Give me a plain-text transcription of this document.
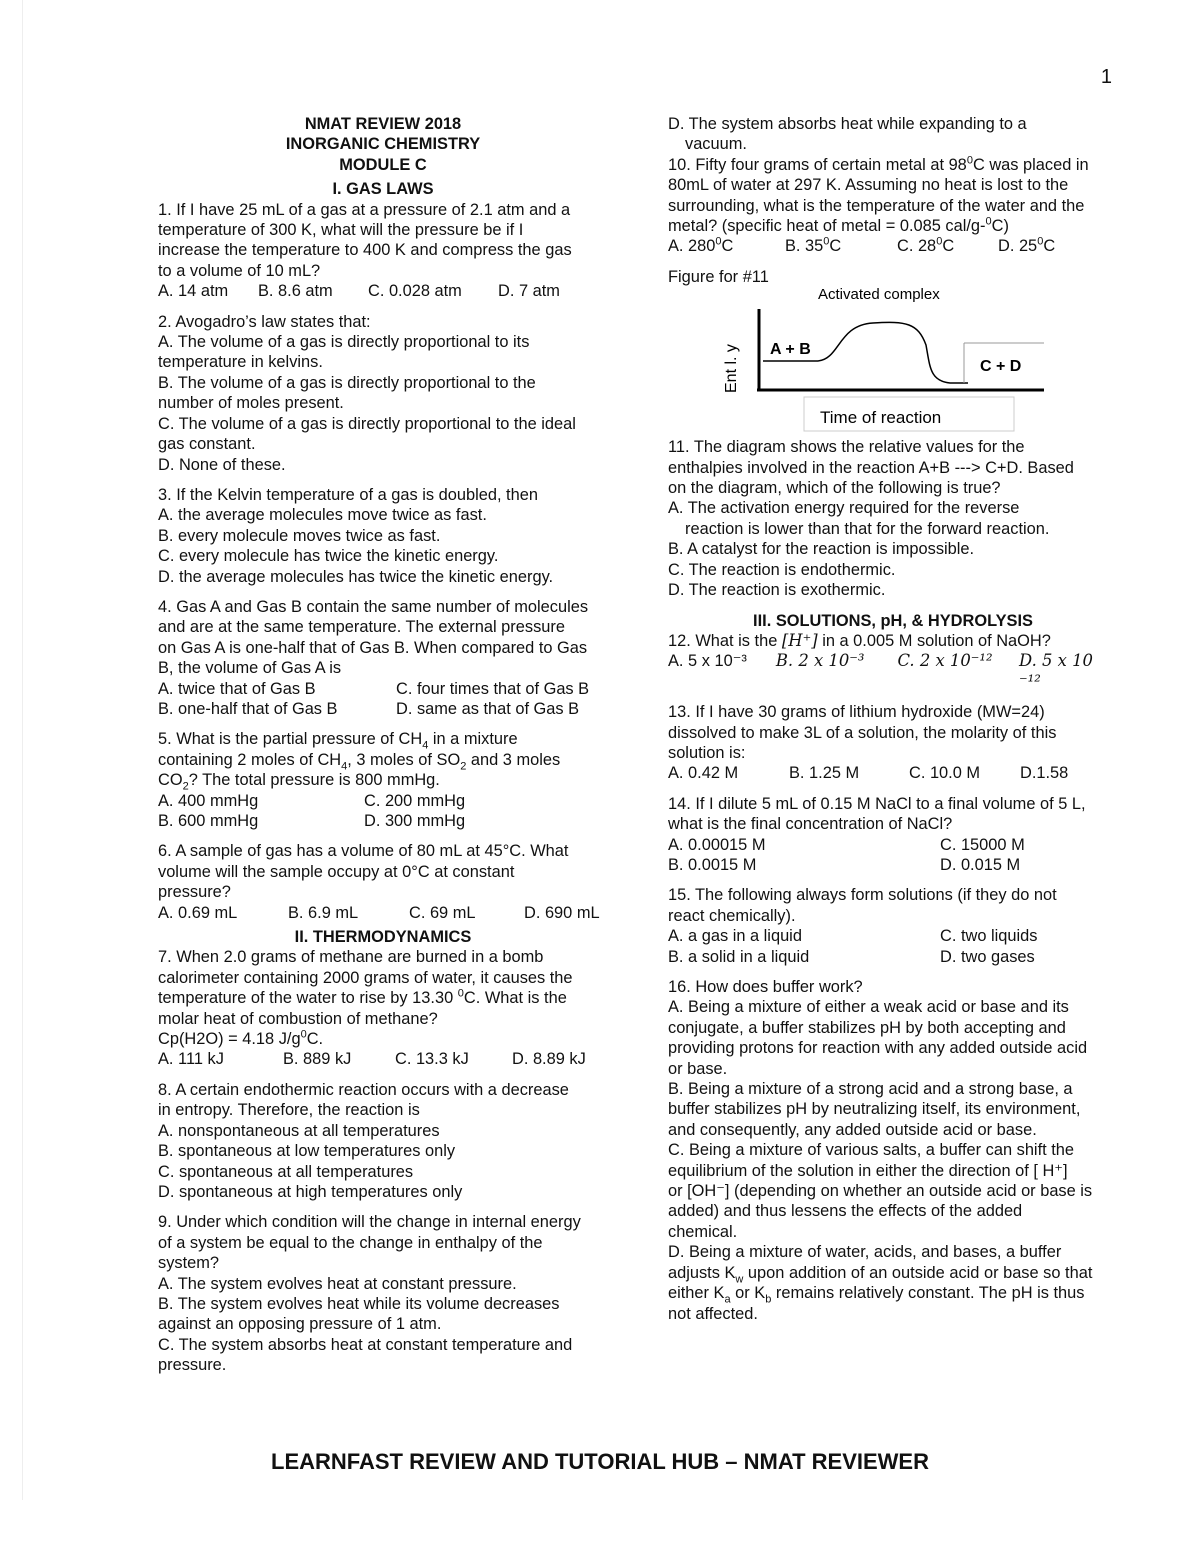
1
NMAT REVIEW 2018
INORGANIC CHEMISTRY
MODULE C
I. GAS LAWS
1. If I have 25 mL of a gas at a pressure of 2.1 atm and a
temperature of 300 K, what will the pressure be if I
increase the temperature to 400 K and compress the gas
to a volume of 10 mL?
A. 14 atm	B. 8.6 atm	C. 0.028 atm	D. 7 atm
2. Avogadro’s law states that:
A. The volume of a gas is directly proportional to its
temperature in kelvins.
B. The volume of a gas is directly proportional to the
number of moles present.
C. The volume of a gas is directly proportional to the ideal
gas constant.
D. None of these.
3. If the Kelvin temperature of a gas is doubled, then
A. the average molecules move twice as fast.
B. every molecule moves twice as fast.
C. every molecule has twice the kinetic energy.
D. the average molecules has twice the kinetic energy.
4. Gas A and Gas B contain the same number of molecules
and are at the same temperature. The external pressure
on Gas A is one-half that of Gas B. When compared to Gas
B, the volume of Gas A is
A. twice that of Gas B	C. four times that of Gas B
B. one-half that of Gas B	D. same as that of Gas B
5. What is the partial pressure of $CH_4$ in a mixture
containing 2 moles of $CH_4$, 3 moles of $SO_2$ and 3 moles
$CO_2$? The total pressure is 800 mmHg.
A. 400 mmHg	C. 200 mmHg
B. 600 mmHg	D. 300 mmHg
6. A sample of gas has a volume of 80 mL at 45°C. What
volume will the sample occupy at 0°C at constant
pressure?
A. 0.69 mL	B. 6.9 mL	C. 69 mL	D. 690 mL
II. THERMODYNAMICS
7. When 2.0 grams of methane are burned in a bomb
calorimeter containing 2000 grams of water, it causes the
temperature of the water to rise by 13.30 $^0$C. What is the
molar heat of combustion of methane?
Cp(H2O) = 4.18 $J/g^0C$.
A. 111 kJ	B. 889 kJ	C. 13.3 kJ	D. 8.89 kJ
8. A certain endothermic reaction occurs with a decrease
in entropy. Therefore, the reaction is
A. nonspontaneous at all temperatures
B. spontaneous at low temperatures only
C. spontaneous at all temperatures
D. spontaneous at high temperatures only
9. Under which condition will the change in internal energy
of a system be equal to the change in enthalpy of the
system?
A. The system evolves heat at constant pressure.
B. The system evolves heat while its volume decreases
against an opposing pressure of 1 atm.
C. The system absorbs heat at constant temperature and
pressure.
D. The system absorbs heat while expanding to a
vacuum.
10. Fifty four grams of certain metal at $98^0C$ was placed in
80mL of water at 297 K. Assuming no heat is lost to the
surrounding, what is the temperature of the water and the
metal? (specific heat of metal = 0.085 cal/g-$^0$C)
A. $280^0C$	B. $35^0C$	C. $28^0C$	D. $25^0C$
Figure for #11
Activated complex
Ent l. y A + B
C + D
Time of reaction
11. The diagram shows the relative values for the
enthalpies involved in the reaction A+B ---> C+D. Based
on the diagram, which of the following is true?
A. The activation energy required for the reverse
reaction is lower than that for the forward reaction.
B. A catalyst for the reaction is impossible.
C. The reaction is endothermic.
D. The reaction is exothermic.
III. SOLUTIONS, pH, & HYDROLYSIS
12. What is the [H⁺] in a 0.005 M solution of NaOH?
A. 5 x 10⁻³	B. 2 x 10⁻³	C. 2 x 10⁻¹²	D. 5 x 10 ⁻¹²
13. If I have 30 grams of lithium hydroxide (MW=24)
dissolved to make 3L of a solution, the molarity of this
solution is:
A. 0.42 M	B. 1.25 M	C. 10.0 M	D.1.58
14. If I dilute 5 mL of 0.15 M NaCl to a final volume of 5 L,
what is the final concentration of NaCl?
A. 0.00015 M	C. 15000 M
B. 0.0015 M	D. 0.015 M
15. The following always form solutions (if they do not
react chemically).
A. a gas in a liquid	C. two liquids
B. a solid in a liquid	D. two gases
16. How does buffer work?
A. Being a mixture of either a weak acid or base and its
conjugate, a buffer stabilizes pH by both accepting and
providing protons for reaction with any added outside acid
or base.
B. Being a mixture of a strong acid and a strong base, a
buffer stabilizes pH by neutralizing itself, its environment,
and consequently, any added outside acid or base.
C. Being a mixture of various salts, a buffer can shift the
equilibrium of the solution in either the direction of [ H⁺]
or [OH⁻] (depending on whether an outside acid or base is
added) and thus lessens the effects of the added
chemical.
D. Being a mixture of water, acids, and bases, a buffer
adjusts $K_w$ upon addition of an outside acid or base so that
either $K_a$ or $K_b$ remains relatively constant. The pH is thus
not affected.
LEARNFAST REVIEW AND TUTORIAL HUB – NMAT REVIEWER
